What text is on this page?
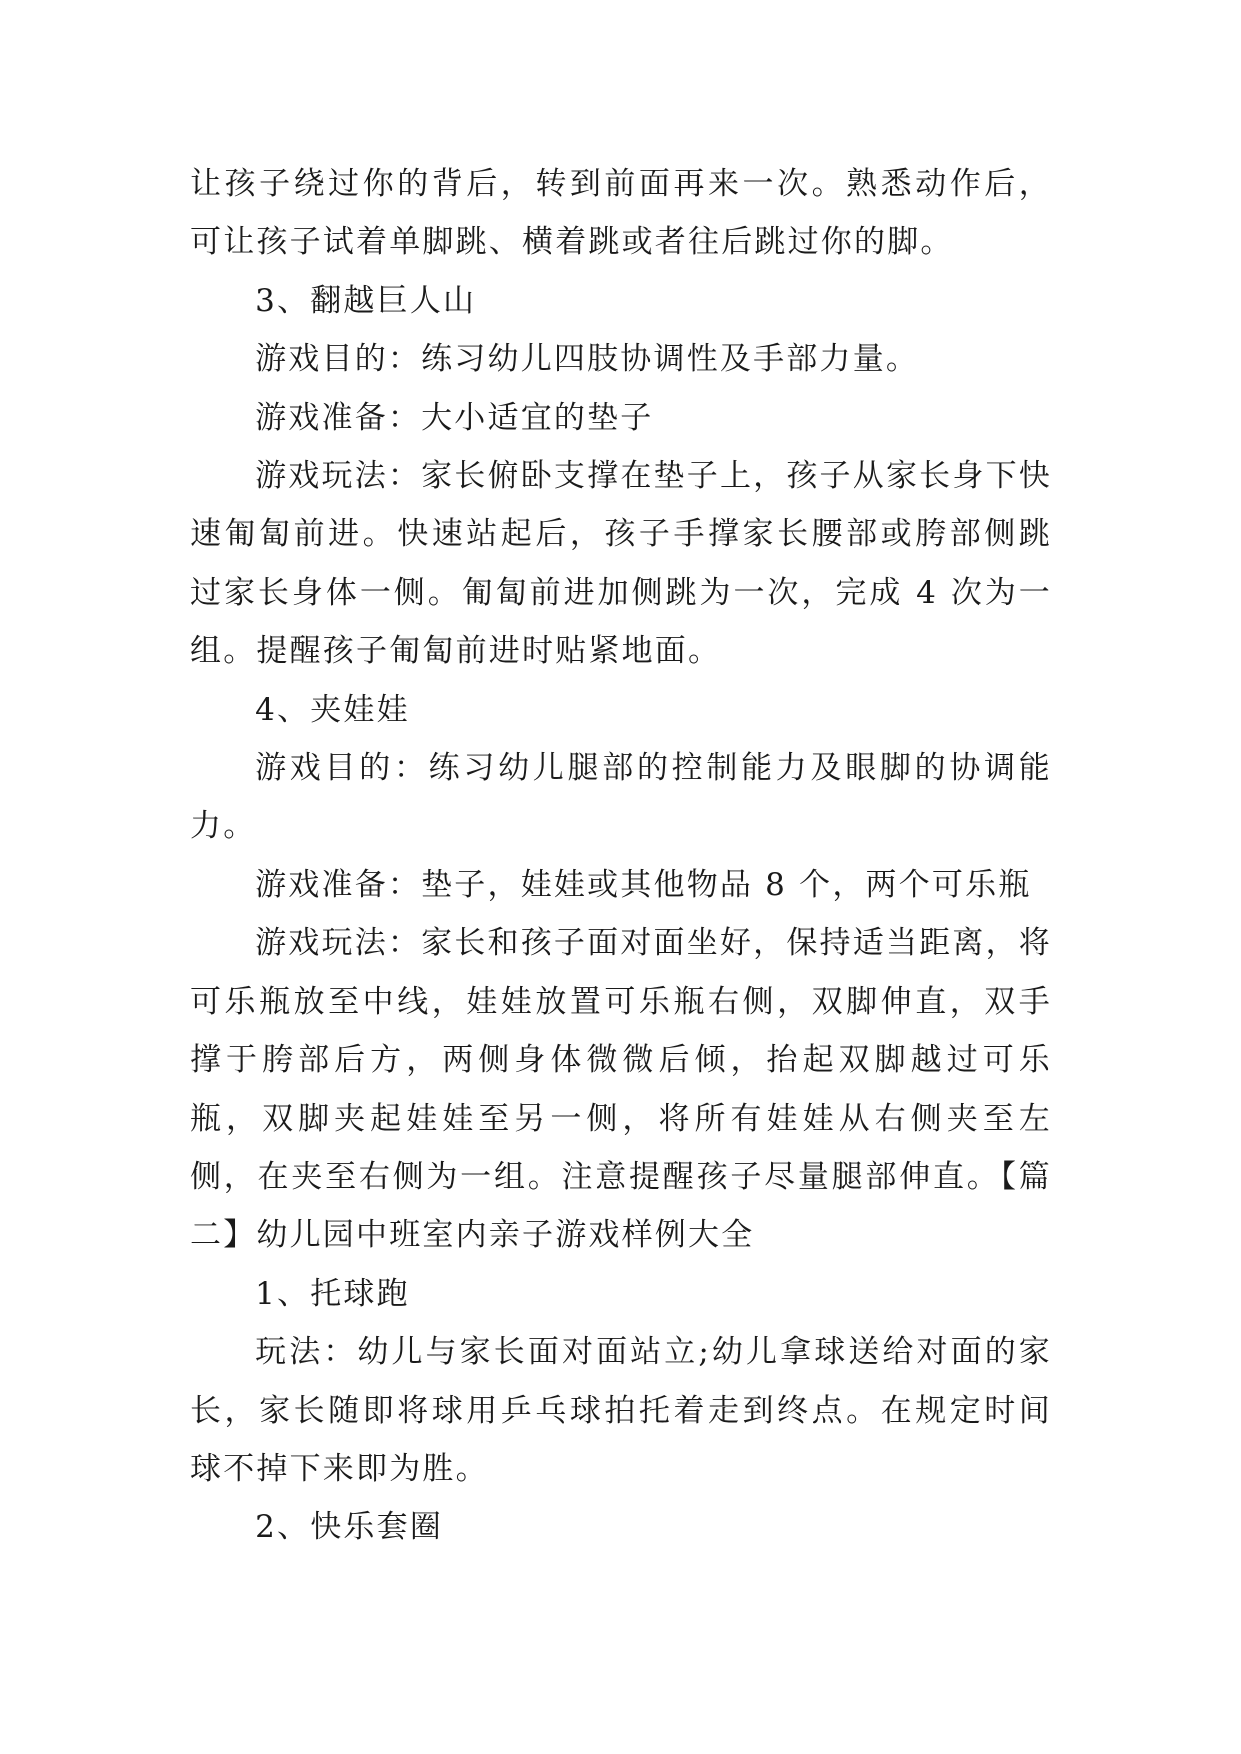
让孩子绕过你的背后，转到前面再来一次。熟悉动作后，可让孩子试着单脚跳、横着跳或者往后跳过你的脚。

3、翻越巨人山

游戏目的：练习幼儿四肢协调性及手部力量。

游戏准备：大小适宜的垫子

游戏玩法：家长俯卧支撑在垫子上，孩子从家长身下快速匍匐前进。快速站起后，孩子手撑家长腰部或胯部侧跳过家长身体一侧。匍匐前进加侧跳为一次，完成 4 次为一组。提醒孩子匍匐前进时贴紧地面。

4、夹娃娃

游戏目的：练习幼儿腿部的控制能力及眼脚的协调能力。

游戏准备：垫子，娃娃或其他物品 8 个，两个可乐瓶

游戏玩法：家长和孩子面对面坐好，保持适当距离，将可乐瓶放至中线，娃娃放置可乐瓶右侧，双脚伸直，双手撑于胯部后方，两侧身体微微后倾，抬起双脚越过可乐瓶，双脚夹起娃娃至另一侧，将所有娃娃从右侧夹至左侧，在夹至右侧为一组。注意提醒孩子尽量腿部伸直。【篇二】幼儿园中班室内亲子游戏样例大全

1、托球跑

玩法：幼儿与家长面对面站立;幼儿拿球送给对面的家长，家长随即将球用乒乓球拍托着走到终点。在规定时间球不掉下来即为胜。

2、快乐套圈
